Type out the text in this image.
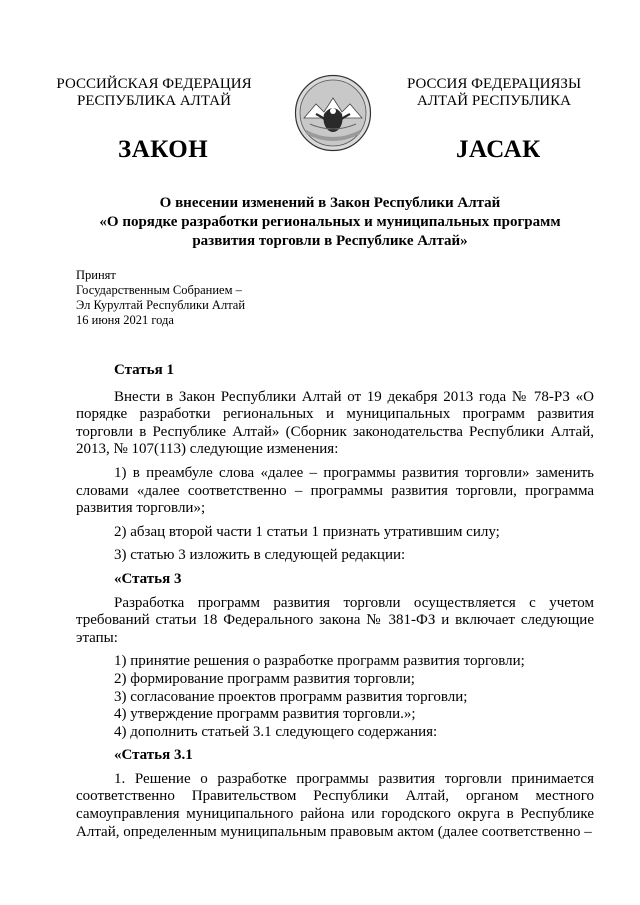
РОССИЙСКАЯ ФЕДЕРАЦИЯ
РЕСПУБЛИКА АЛТАЙ
РОССИЯ ФЕДЕРАЦИЯЗЫ
АЛТАЙ РЕСПУБЛИКА
ЗАКОН	ЈАСАК
О внесении изменений в Закон Республики Алтай
«О порядке разработки региональных и муниципальных программ
развития торговли в Республике Алтай»
Принят
Государственным Собранием –
Эл Курултай Республики Алтай
16 июня 2021 года

Статья 1

Внести в Закон Республики Алтай от 19 декабря 2013 года № 78-РЗ «О порядке разработки региональных и муниципальных программ развития торговли в Республике Алтай» (Сборник законодательства Республики Алтай, 2013, № 107(113) следующие изменения:

1) в преамбуле слова «далее – программы развития торговли» заменить словами «далее соответственно – программы развития торговли, программа развития торговли»;

2) абзац второй части 1 статьи 1 признать утратившим силу;

3) статью 3 изложить в следующей редакции:

«Статья 3

Разработка программ развития торговли осуществляется с учетом требований статьи 18 Федерального закона № 381-ФЗ и включает следующие этапы:

1) принятие решения о разработке программ развития торговли;

2) формирование программ развития торговли;

3) согласование проектов программ развития торговли;

4) утверждение программ развития торговли.»;

4) дополнить статьей 3.1 следующего содержания:

«Статья 3.1

1. Решение о разработке программы развития торговли принимается соответственно Правительством Республики Алтай, органом местного самоуправления муниципального района или городского округа в Республике Алтай, определенным муниципальным правовым актом (далее соответственно –
